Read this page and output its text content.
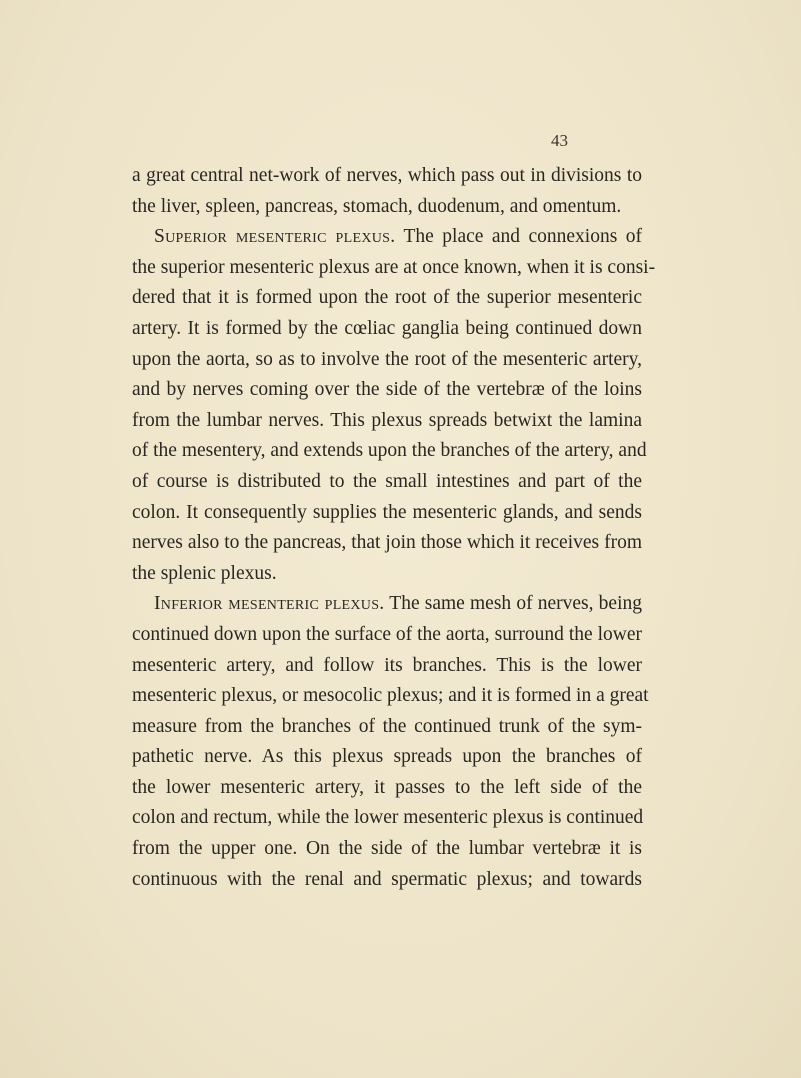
43
a great central net-work of nerves, which pass out in divisions to
the liver, spleen, pancreas, stomach, duodenum, and omentum.
Superior mesenteric plexus. The place and connexions of
the superior mesenteric plexus are at once known, when it is consi-
dered that it is formed upon the root of the superior mesenteric
artery. It is formed by the cœliac ganglia being continued down
upon the aorta, so as to involve the root of the mesenteric artery,
and by nerves coming over the side of the vertebræ of the loins
from the lumbar nerves. This plexus spreads betwixt the lamina
of the mesentery, and extends upon the branches of the artery, and
of course is distributed to the small intestines and part of the
colon. It consequently supplies the mesenteric glands, and sends
nerves also to the pancreas, that join those which it receives from
the splenic plexus.
Inferior mesenteric plexus. The same mesh of nerves, being
continued down upon the surface of the aorta, surround the lower
mesenteric artery, and follow its branches. This is the lower
mesenteric plexus, or mesocolic plexus; and it is formed in a great
measure from the branches of the continued trunk of the sym-
pathetic nerve. As this plexus spreads upon the branches of
the lower mesenteric artery, it passes to the left side of the
colon and rectum, while the lower mesenteric plexus is continued
from the upper one. On the side of the lumbar vertebræ it is
continuous with the renal and spermatic plexus; and towards
